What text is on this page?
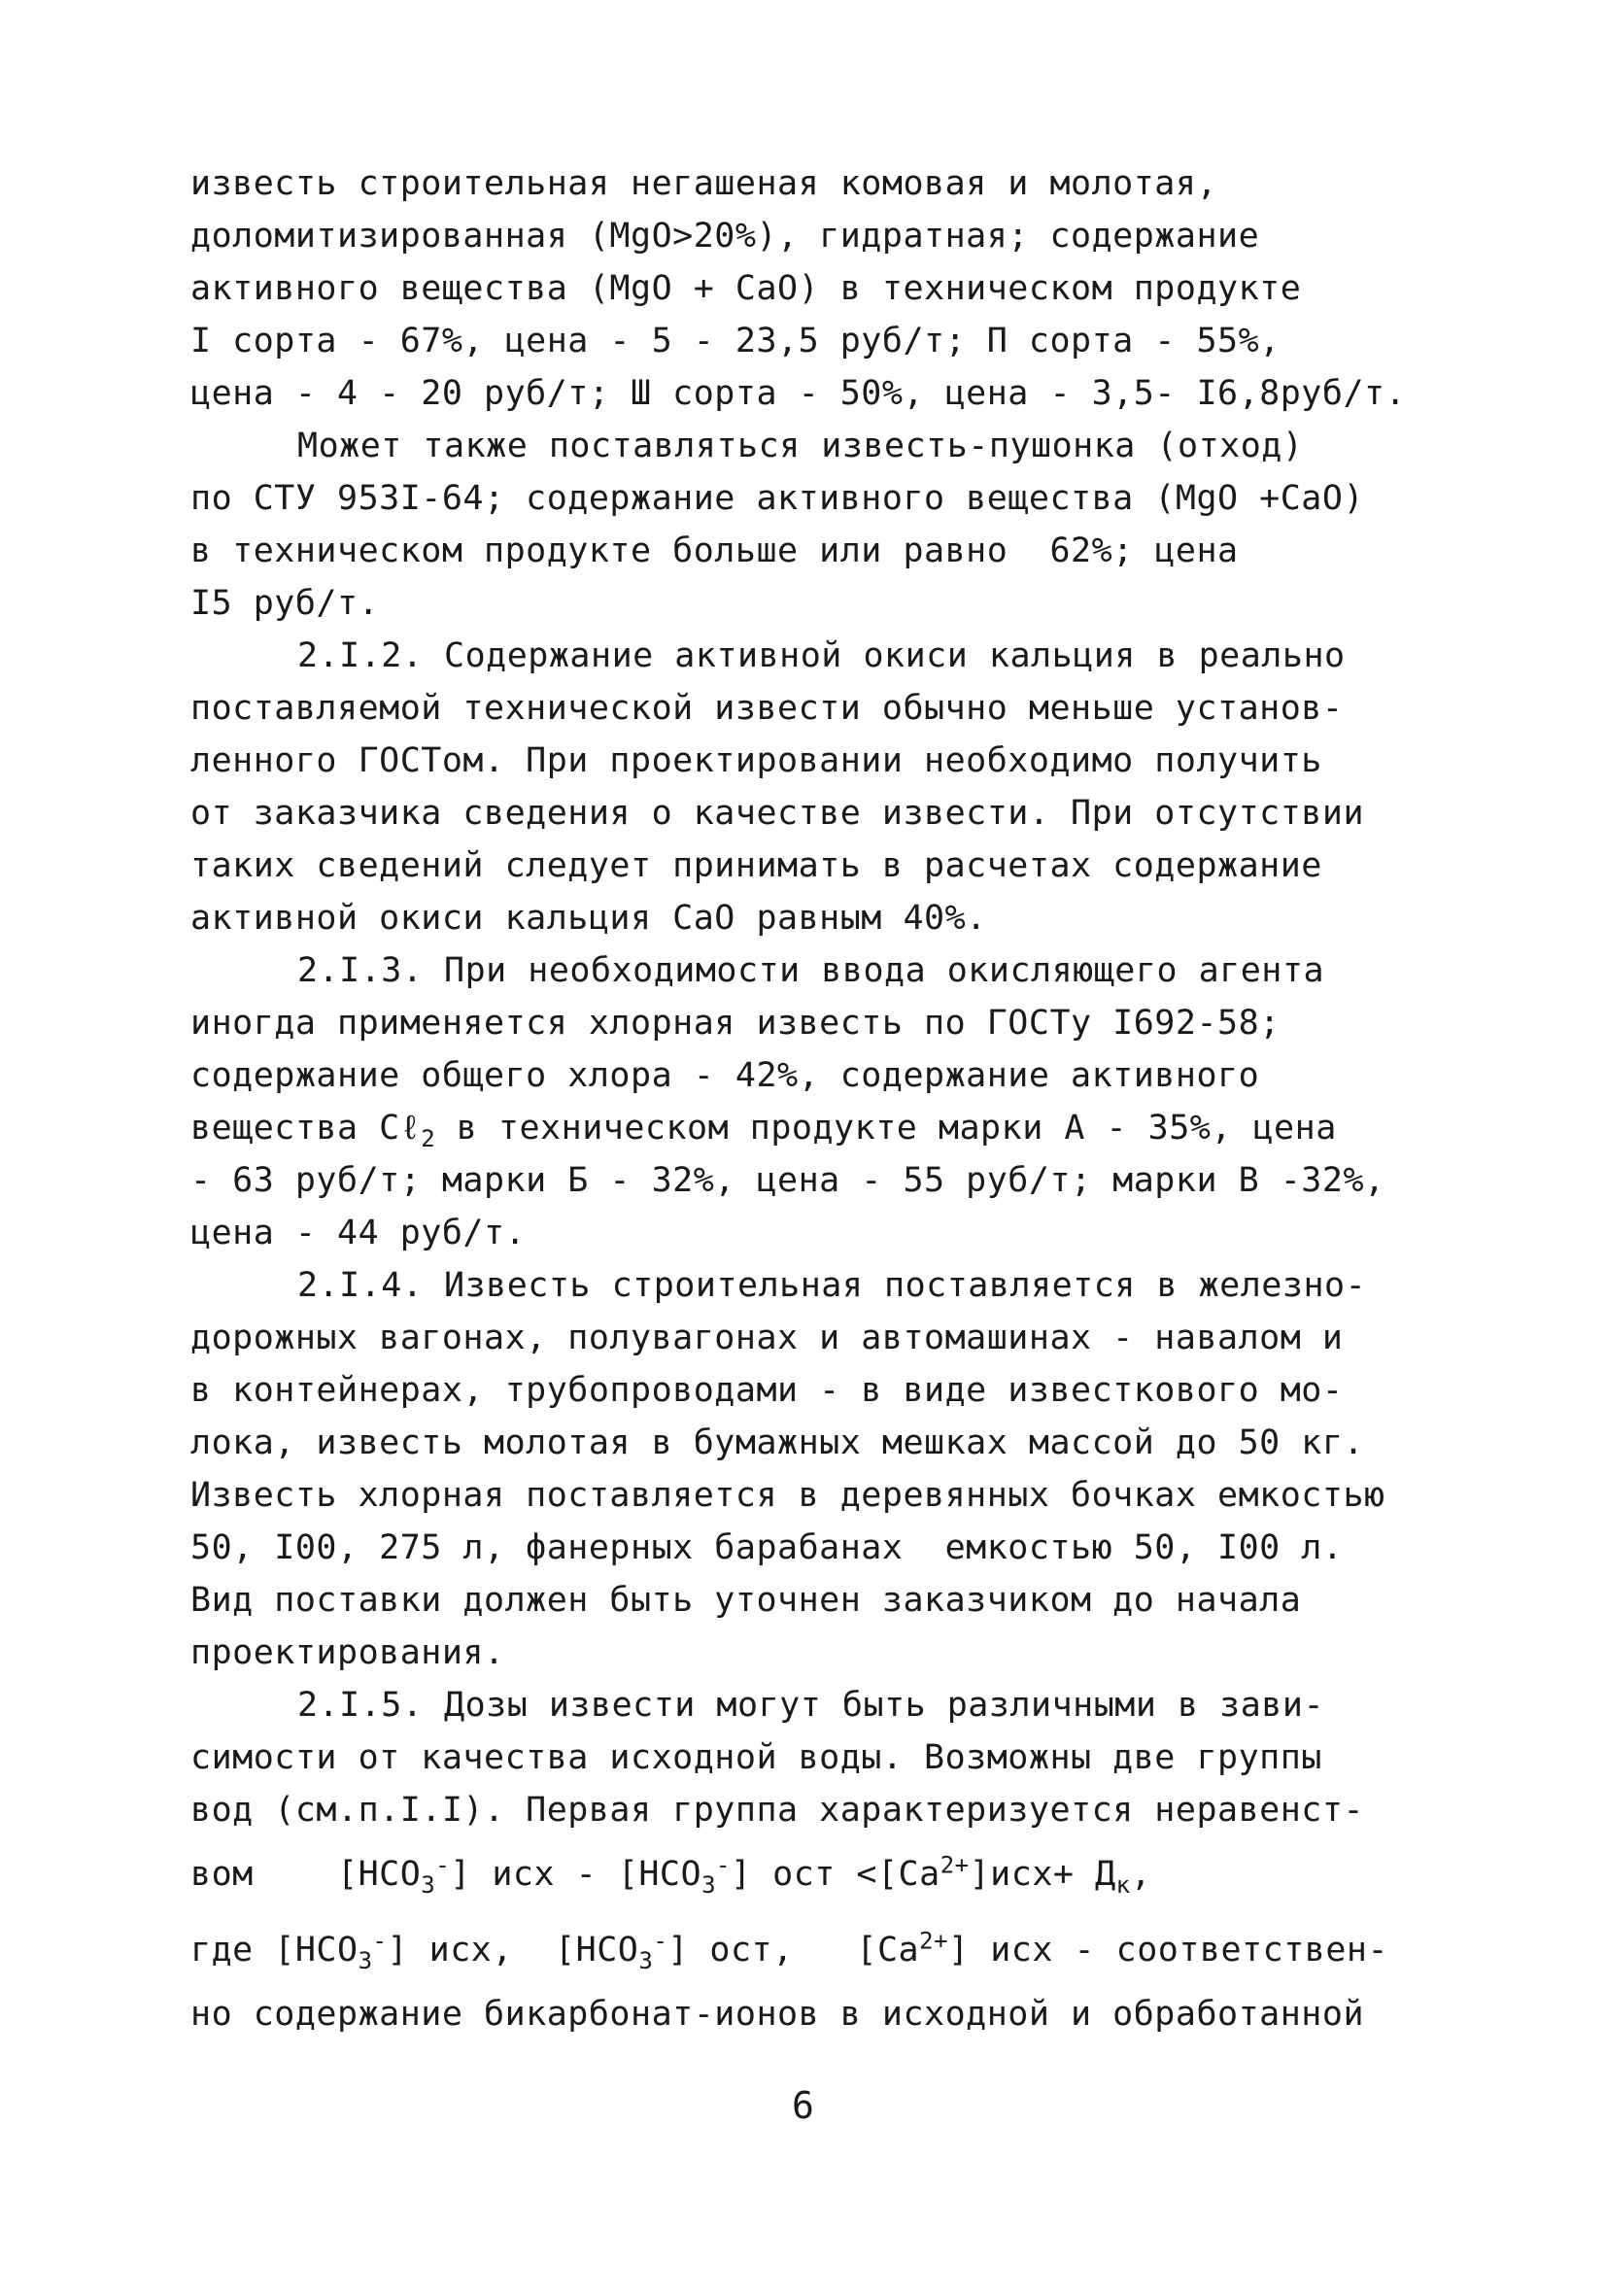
известь строительная негашеная комовая и молотая,
доломитизированная (MgO>20%), гидратная; содержание
активного вещества (MgO + CaO) в техническом продукте
I сорта - 67%, цена - 5 - 23,5 руб/т; П сорта - 55%,
цена - 4 - 20 руб/т; Ш сорта - 50%, цена - 3,5- I6,8руб/т.
Может также поставляться известь-пушонка (отход)
по СТУ 953I-64; содержание активного вещества (MgO +CaO)
в техническом продукте больше или равно  62%; цена
I5 руб/т.
2.I.2. Содержание активной окиси кальция в реально
поставляемой технической извести обычно меньше установ-
ленного ГОСТом. При проектировании необходимо получить
от заказчика сведения о качестве извести. При отсутствии
таких сведений следует принимать в расчетах содержание
активной окиси кальция CaO равным 40%.
2.I.3. При необходимости ввода окисляющего агента
иногда применяется хлорная известь по ГОСТу I692-58;
содержание общего хлора - 42%, содержание активного
вещества Cℓ$_2$ в техническом продукте марки А - 35%, цена
- 63 руб/т; марки Б - 32%, цена - 55 руб/т; марки В -32%,
цена - 44 руб/т.
2.I.4. Известь строительная поставляется в железно-
дорожных вагонах, полувагонах и автомашинах - навалом и
в контейнерах, трубопроводами - в виде известкового мо-
лока, известь молотая в бумажных мешках массой до 50 кг.
Известь хлорная поставляется в деревянных бочках емкостью
50, I00, 275 л, фанерных барабанах  емкостью 50, I00 л.
Вид поставки должен быть уточнен заказчиком до начала
проектирования.
2.I.5. Дозы извести могут быть различными в зави-
симости от качества исходной воды. Возможны две группы
вод (см.п.I.I). Первая группа характеризуется неравенст-
вом    $[HCO_3^-]$ исх - $[HCO_3^-]$ ост $<[Ca^{2+}]исх+ Д_к$,
где $[HCO_3^-]$ исх,  $[HCO_3^-]$ ост,   $[Ca^{2+}]$ исх - соответствен-
но содержание бикарбонат-ионов в исходной и обработанной
6
